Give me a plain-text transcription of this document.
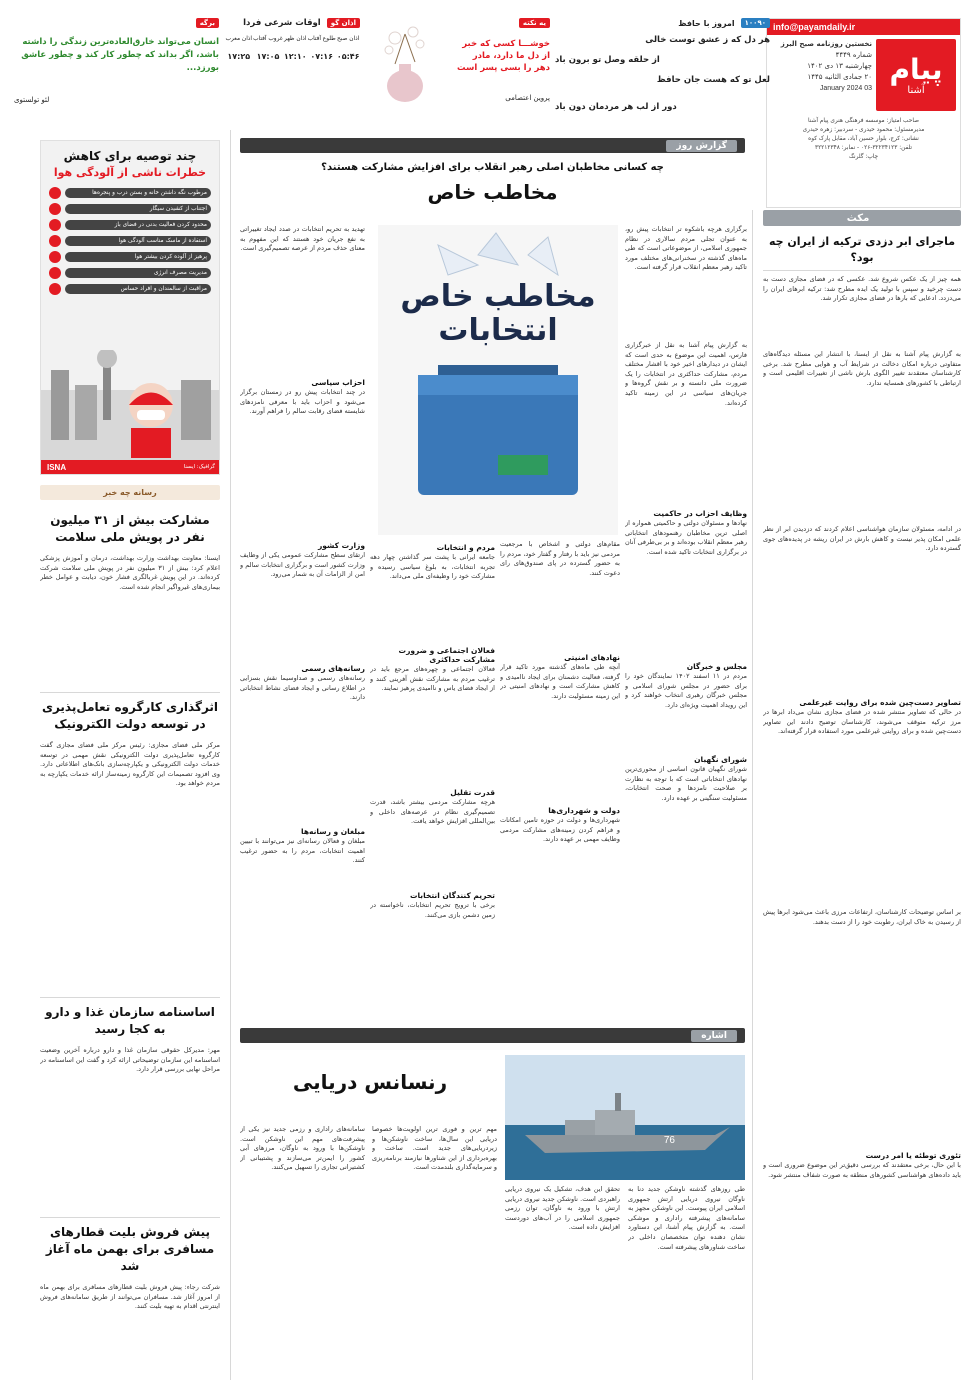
info@payamdaily.ir
پیام
آشنا
نخستین روزنامه صبح البرز
شماره ۴۴۴۹
چهارشنبه ۱۳ دی ۱۴۰۲
۲۰ جمادی الثانیه ۱۴۴۵
03 January 2024
صاحب امتیاز: موسسه فرهنگی هنری پیام آشنا
مدیرمسئول: محمود حیدری - سردبیر: زهره حیدری
نشانی: کرج، بلوار حسین آباد، مقابل پارک کوه
تلفن: ۳۲۲۳۴۱۲۳-۰۲۶ - نمابر: ۳۲۲۱۲۳۴۸
چاپ: گلرنگ
۱۰۰۹۰
امروز با حافظ
هر دل که ز عشق توست خالی
از حلقه وصل تو برون باد
لعل تو که هست جان حافظ
دور از لب هر مردمان دون باد
یه نکته
خوشـــا کسی که خبر از دل ما دارد، مادر دهر را بسی پسر است
پروین اعتصامی
اذان گو
اوقات شرعی فردا
اذان صبح	طلوع آفتاب	اذان ظهر	غروب آفتاب	اذان مغرب
۰۵:۴۶	۰۷:۱۶	۱۲:۱۰	۱۷:۰۵	۱۷:۲۵
برگه
انسان می‌تواند خارق‌العاده‌ترین زندگی را داشته باشد، اگر بداند که چطور کار کند و چطور عاشق بورزد...
لئو تولستوی
چند توصیه برای کاهش
خطرات ناشی از آلودگی هوا
مرطوب نگه داشتن خانه و بستن درب و پنجره‌ها
اجتناب از کشیدن سیگار
محدود کردن فعالیت بدنی در فضای باز
استفاده از ماسک مناسب آلودگی هوا
پرهیز از آلوده کردن بیشتر هوا
مدیریت مصرف انرژی
مراقبت از سالمندان و افراد حساس
گرافیک: ایسنا
ISNA
رسانه چه خبر
مشارکت بیش از ۳۱ میلیون نفر در پویش ملی سلامت
ایسنا: معاونت بهداشت وزارت بهداشت، درمان و آموزش پزشکی اعلام کرد: بیش از ۳۱ میلیون نفر در پویش ملی سلامت شرکت کرده‌اند. در این پویش غربالگری فشار خون، دیابت و عوامل خطر بیماری‌های غیرواگیر انجام شده است.
اثرگذاری کارگروه تعامل‌پذیری در توسعه دولت الکترونیک
مرکز ملی فضای مجازی: رئیس مرکز ملی فضای مجازی گفت کارگروه تعامل‌پذیری دولت الکترونیکی نقش مهمی در توسعه خدمات دولت الکترونیکی و یکپارچه‌سازی بانک‌های اطلاعاتی دارد. وی افزود تصمیمات این کارگروه زمینه‌ساز ارائه خدمات یکپارچه به مردم خواهد بود.
اساسنامه سازمان غذا و دارو به کجا رسید
مهر: مدیرکل حقوقی سازمان غذا و دارو درباره آخرین وضعیت اساسنامه این سازمان توضیحاتی ارائه کرد و گفت این اساسنامه در مراحل نهایی بررسی قرار دارد.
پیش فروش بلیت قطارهای مسافری برای بهمن ماه آغاز شد
شرکت رجاء: پیش فروش بلیت قطارهای مسافری برای بهمن ماه از امروز آغاز شد. مسافران می‌توانند از طریق سامانه‌های فروش اینترنتی اقدام به تهیه بلیت کنند.
مکث
ماجرای ابر دزدی ترکیه از ایران چه بود؟
همه چیز از یک عکس شروع شد. عکسی که در فضای مجازی دست به دست چرخید و سپس با تولید یک ایده مطرح شد: ترکیه ابرهای ایران را می‌دزدد. ادعایی که بارها در فضای مجازی تکرار شد.
به گزارش پیام آشنا به نقل از ایسنا، با انتشار این مسئله دیدگاه‌های متفاوتی درباره امکان دخالت در شرایط آب و هوایی مطرح شد. برخی کارشناسان معتقدند تغییر الگوی بارش ناشی از تغییرات اقلیمی است و ارتباطی با کشورهای همسایه ندارد.
در ادامه، مسئولان سازمان هواشناسی اعلام کردند که دزدیدن ابر از نظر علمی امکان پذیر نیست و کاهش بارش در ایران ریشه در پدیده‌های جوی گسترده دارد.
تصاویر دست‌چین شده برای روایت غیرعلمی
در حالی که تصاویر منتشر شده در فضای مجازی نشان می‌داد ابرها در مرز ترکیه متوقف می‌شوند، کارشناسان توضیح دادند این تصاویر دست‌چین شده و برای روایتی غیرعلمی مورد استفاده قرار گرفته‌اند.
بر اساس توضیحات کارشناسان، ارتفاعات مرزی باعث می‌شود ابرها پیش از رسیدن به خاک ایران، رطوبت خود را از دست بدهند.
تئوری توطئه یا امر درست
با این حال، برخی معتقدند که بررسی دقیق‌تر این موضوع ضروری است و باید داده‌های هواشناسی کشورهای منطقه به صورت شفاف منتشر شود.
گزارش روز
چه کسانی مخاطبان اصلی رهبر انقلاب برای افزایش مشارکت هستند؟
مخاطب خاص
برگزاری هرچه باشکوه تر انتخابات پیش رو، به عنوان تجلی مردم سالاری در نظام جمهوری اسلامی، از موضوعاتی است که طی ماه‌های گذشته در سخنرانی‌های مختلف مورد تاکید رهبر معظم انقلاب قرار گرفته است.
به گزارش پیام آشنا به نقل از خبرگزاری فارس، اهمیت این موضوع به حدی است که ایشان در دیدارهای اخیر خود با اقشار مختلف مردم، مشارکت حداکثری در انتخابات را یک ضرورت ملی دانسته و بر نقش گروه‌ها و جریان‌های سیاسی در این زمینه تاکید کرده‌اند.
وظایف احزاب در حاکمیت
نهادها و مسئولان دولتی و حاکمیتی همواره از اصلی ترین مخاطبان رهنمودهای انتخاباتی رهبر معظم انقلاب بوده‌اند و بر بی‌طرفی آنان در برگزاری انتخابات تاکید شده است.
مجلس و خبرگان
مردم در ۱۱ اسفند ۱۴۰۲ نمایندگان خود را برای حضور در مجلس شورای اسلامی و مجلس خبرگان رهبری انتخاب خواهند کرد و این رویداد اهمیت ویژه‌ای دارد.
شورای نگهبان
شورای نگهبان قانون اساسی از محوری‌ترین نهادهای انتخاباتی است که با توجه به نظارت بر صلاحیت نامزدها و صحت انتخابات، مسئولیت سنگینی بر عهده دارد.
مقام‌های دولتی و اشخاص با مرجعیت مردمی نیز باید با رفتار و گفتار خود، مردم را به حضور گسترده در پای صندوق‌های رای دعوت کنند.
نهادهای امنیتی
آنچه طی ماه‌های گذشته مورد تاکید قرار گرفته، فعالیت دشمنان برای ایجاد ناامیدی و کاهش مشارکت است و نهادهای امنیتی در این زمینه مسئولیت دارند.
دولت و شهرداری‌ها
شهرداری‌ها و دولت در حوزه تامین امکانات و فراهم کردن زمینه‌های مشارکت مردمی وظایف مهمی بر عهده دارند.
مخاطب خاص انتخابات
مردم و انتخابات
جامعه ایرانی با پشت سر گذاشتن چهار دهه تجربه انتخابات، به بلوغ سیاسی رسیده و مشارکت خود را وظیفه‌ای ملی می‌داند.
فعالان اجتماعی و ضرورت مشارکت حداکثری
فعالان اجتماعی و چهره‌های مرجع باید در ترغیب مردم به مشارکت نقش آفرینی کنند و از ایجاد فضای یاس و ناامیدی پرهیز نمایند.
قدرت تقلیل
هرچه مشارکت مردمی بیشتر باشد، قدرت تصمیم‌گیری نظام در عرصه‌های داخلی و بین‌المللی افزایش خواهد یافت.
تحریم کنندگان انتخابات
برخی با ترویج تحریم انتخابات، ناخواسته در زمین دشمن بازی می‌کنند.
تهدید به تحریم انتخابات در صدد ایجاد تغییراتی به نفع جریان خود هستند که این مفهوم به معنای حذف مردم از عرصه تصمیم‌گیری است.
احزاب سیاسی
در چند انتخابات پیش رو در زمستان برگزار می‌شود و احزاب باید با معرفی نامزدهای شایسته فضای رقابت سالم را فراهم آورند.
وزارت کشور
ارتقای سطح مشارکت عمومی یکی از وظایف وزارت کشور است و برگزاری انتخابات سالم و امن از الزامات آن به شمار می‌رود.
رسانه‌های رسمی
رسانه‌های رسمی و صداوسیما نقش بسزایی در اطلاع رسانی و ایجاد فضای نشاط انتخاباتی دارند.
مبلغان و رسانه‌ها
مبلغان و فعالان رسانه‌ای نیز می‌توانند با تبیین اهمیت انتخابات، مردم را به حضور ترغیب کنند.
اشاره
76
رنسانس دریایی
تحقق این هدف، تشکیل یک نیروی دریایی راهبردی است. ناوشکن جدید نیروی دریایی ارتش با ورود به ناوگان، توان رزمی جمهوری اسلامی را در آب‌های دوردست افزایش داده است.
طی روزهای گذشته ناوشکن جدید دنا به ناوگان نیروی دریایی ارتش جمهوری اسلامی ایران پیوست. این ناوشکن مجهز به سامانه‌های پیشرفته راداری و موشکی است. به گزارش پیام آشنا، این دستاورد نشان دهنده توان متخصصان داخلی در ساخت شناورهای پیشرفته است.
مهم ترین و فوری ترین اولویت‌ها خصوصا دریایی این سال‌ها، ساخت ناوشکن‌ها و زیردریایی‌های جدید است. ساخت و بهره‌برداری از این شناورها نیازمند برنامه‌ریزی و سرمایه‌گذاری بلندمدت است.
سامانه‌های راداری و رزمی جدید نیز یکی از پیشرفت‌های مهم این ناوشکن است. ناوشکن‌ها با ورود به ناوگان، مرزهای آبی کشور را ایمن‌تر می‌سازند و پشتیبانی از کشتیرانی تجاری را تسهیل می‌کنند.
